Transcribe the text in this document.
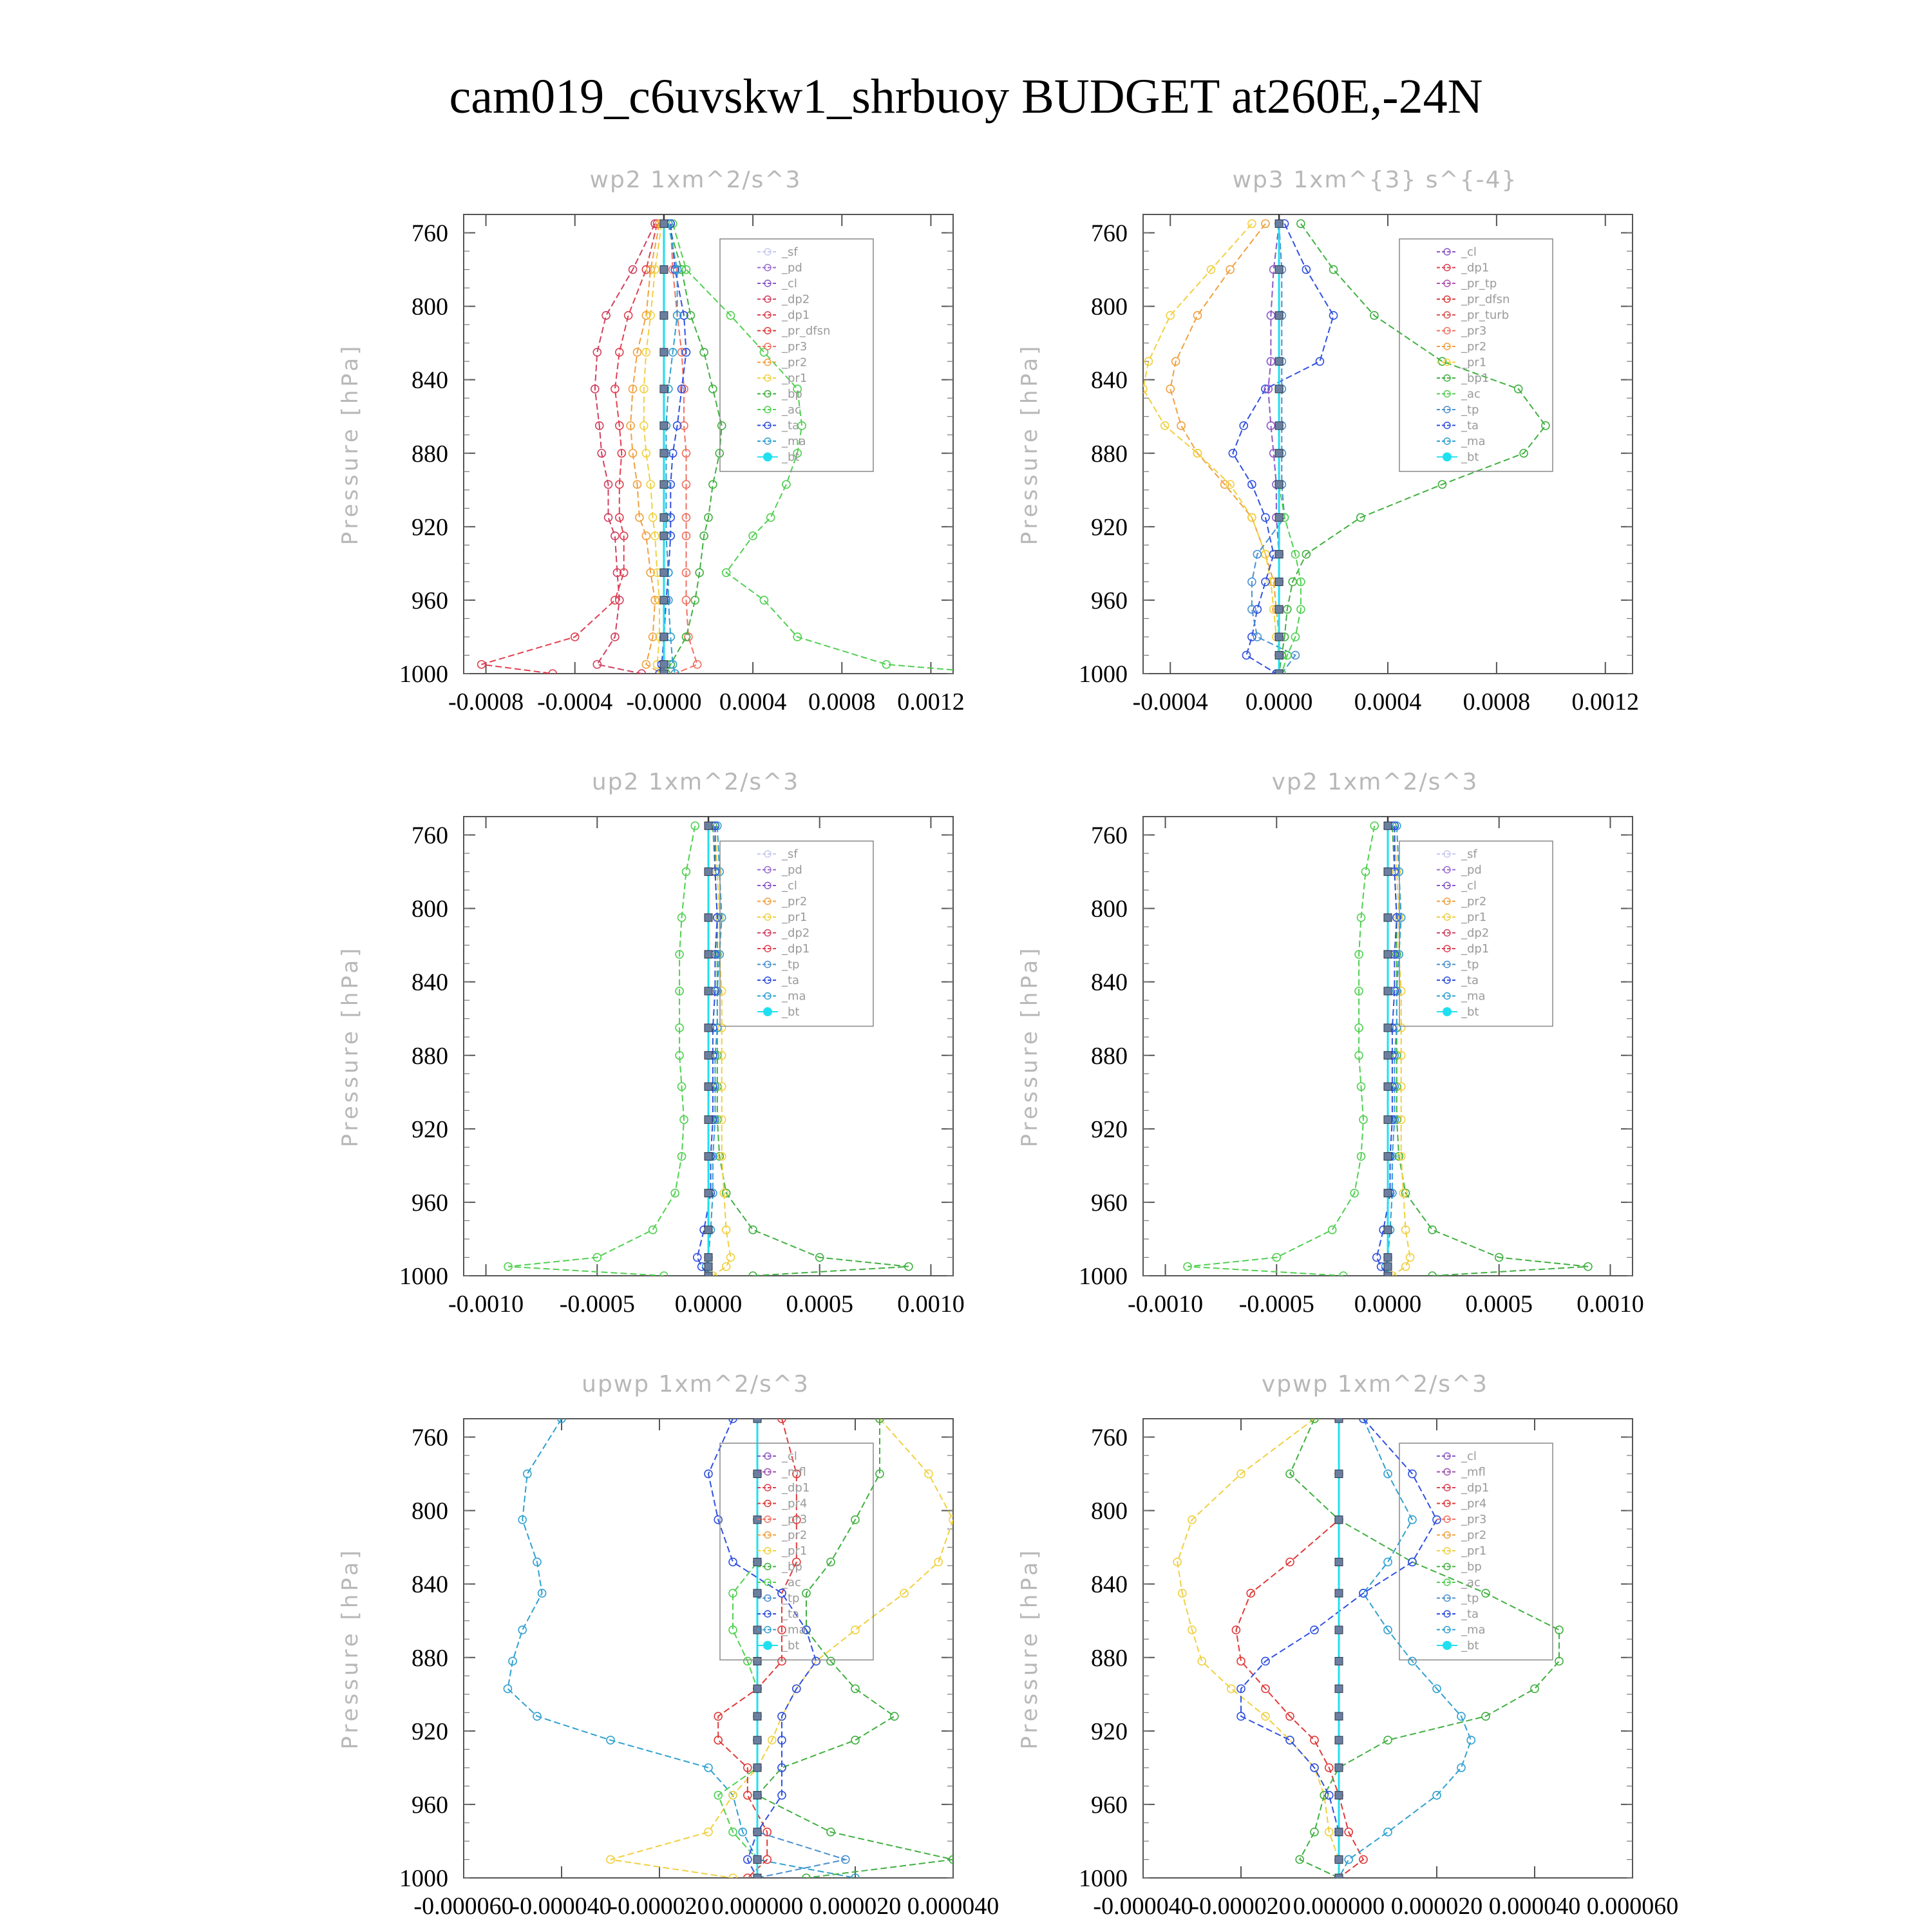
cam019_c6uvskw1_shrbuoy BUDGET at260E,-24N
wp2 1xm^2/s^3
Pressure [hPa]
760
800
840
880
920
960
1000
-0.0008 -0.0004 -0.0000 0.0004 0.0008 0.0012
_sf
_pd
_cl
_dp2
_dp1
_pr_dfsn
_pr3
_pr2
_pr1
_bp
_ac
_ta
_ma
_bt
wp3 1xm^{3} s^{-4}
Pressure [hPa]
760
800
840
880
920
960
1000
-0.0004 0.0000 0.0004 0.0008 0.0012
_cl
_dp1
_pr_tp
_pr_dfsn
_pr_turb
_pr3
_pr2
_pr1
_bp1
_ac
_tp
_ta
_ma
_bt
up2 1xm^2/s^3
Pressure [hPa]
760
800
840
880
920
960
1000
-0.0010 -0.0005 0.0000 0.0005 0.0010
_sf
_pd
_cl
_pr2
_pr1
_dp2
_dp1
_tp
_ta
_ma
_bt
vp2 1xm^2/s^3
Pressure [hPa]
760
800
840
880
920
960
1000
-0.0010 -0.0005 0.0000 0.0005 0.0010
_sf
_pd
_cl
_pr2
_pr1
_dp2
_dp1
_tp
_ta
_ma
_bt
upwp 1xm^2/s^3
Pressure [hPa]
760
800
840
880
920
960
1000
-0.000060
-0.000040
-0.000020 0.000000 0.000020 0.000040
_cl
_mfl
_dp1
_pr4
_pr3
_pr2
_pr1
_bp
_ac
_tp
_ta
_ma
_bt
vpwp 1xm^2/s^3
Pressure [hPa]
760
800
840
880
920
960
1000
-0.000040
-0.000020 0.000000 0.000020 0.000040 0.000060
_cl
_mfl
_dp1
_pr4
_pr3
_pr2
_pr1
_bp
_ac
_tp
_ta
_ma
_bt
